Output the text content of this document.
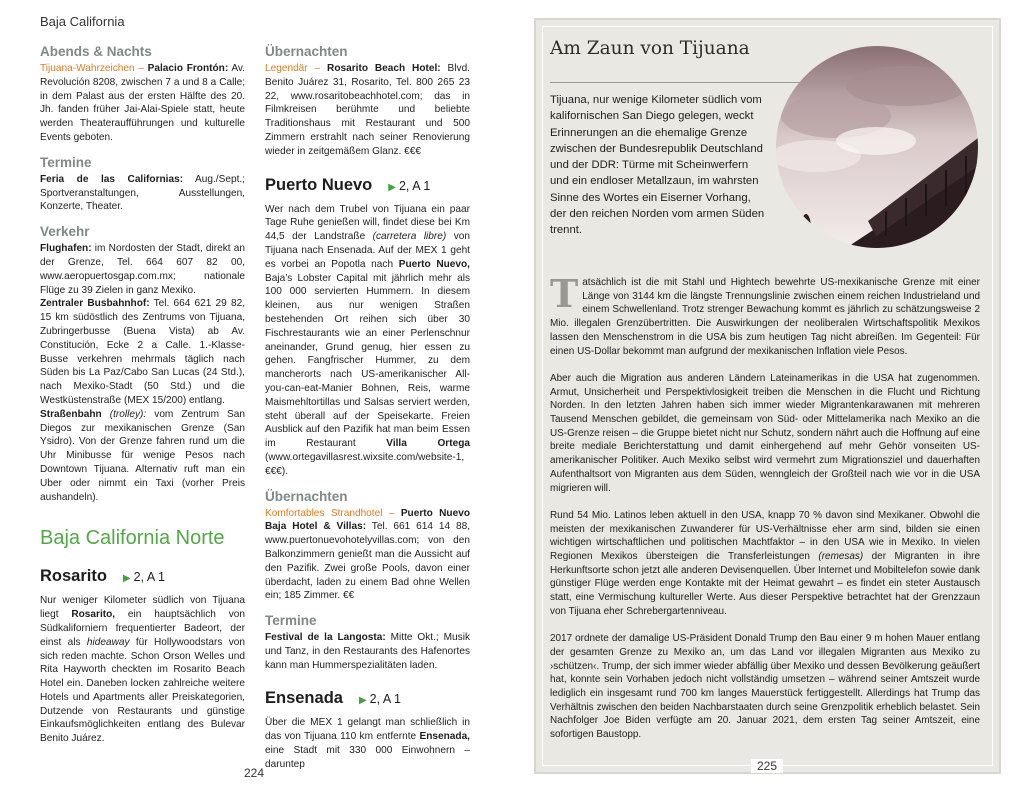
Baja California
Abends & Nachts

Tijuana-Wahrzeichen – Palacio Frontón: Av. Revolución 8208, zwischen 7 a und 8 a Calle; in dem Palast aus der ersten Hälfte des 20. Jh. fanden früher Jai-Alai-Spiele statt, heute werden Theateraufführungen und kulturelle Events geboten.

Termine

Feria de las Californias: Aug./Sept.; Sportveranstaltungen, Ausstellungen, Konzerte, Theater.

Verkehr

Flughafen: im Nordosten der Stadt, direkt an der Grenze, Tel. 664 607 82 00, www.aeropuertosgap.com.mx; nationale Flüge zu 39 Zielen in ganz Mexiko.

Zentraler Busbahnhof: Tel. 664 621 29 82, 15 km südöstlich des Zentrums von Tijuana, Zubringerbusse (Buena Vista) ab Av. Constitución, Ecke 2 a Calle. 1.-Klasse-Busse verkehren mehrmals täglich nach Süden bis La Paz/Cabo San Lucas (24 Std.), nach Mexiko-Stadt (50 Std.) und die Westküstenstraße (MEX 15/200) entlang.

Straßenbahn (trolley): vom Zentrum San Diegos zur mexikanischen Grenze (San Ysidro). Von der Grenze fahren rund um die Uhr Minibusse für wenige Pesos nach Downtown Tijuana. Alternativ ruft man ein Uber oder nimmt ein Taxi (vorher Preis aushandeln).

Baja California Norte
Rosarito ▶ 2, A 1

Nur weniger Kilometer südlich von Tijuana liegt Rosarito, ein hauptsächlich von Südkaliforniern frequentierter Badeort, der einst als hideaway für Hollywoodstars von sich reden machte. Schon Orson Welles und Rita Hayworth checkten im Rosarito Beach Hotel ein. Daneben locken zahlreiche weitere Hotels und Apartments aller Preiskategorien, Dutzende von Restaurants und günstige Einkaufsmöglichkeiten entlang des Bulevar Benito Juárez.

Übernachten

Legendär – Rosarito Beach Hotel: Blvd. Benito Juárez 31, Rosarito, Tel. 800 265 23 22, www.rosaritobeachhotel.com; das in Filmkreisen berühmte und beliebte Traditionshaus mit Restaurant und 500 Zimmern erstrahlt nach seiner Renovierung wieder in zeitgemäßem Glanz. €€€

Puerto Nuevo ▶ 2, A 1

Wer nach dem Trubel von Tijuana ein paar Tage Ruhe genießen will, findet diese bei Km 44,5 der Landstraße (carretera libre) von Tijuana nach Ensenada. Auf der MEX 1 geht es vorbei an Popotla nach Puerto Nuevo, Baja’s Lobster Capital mit jährlich mehr als 100 000 servierten Hummern. In diesem kleinen, aus nur wenigen Straßen bestehenden Ort reihen sich über 30 Fischrestaurants wie an einer Perlenschnur aneinander, Grund genug, hier essen zu gehen. Fangfrischer Hummer, zu dem mancherorts nach US-amerikanischer All-you-can-eat-Manier Bohnen, Reis, warme Maismehltortillas und Salsas serviert werden, steht überall auf der Speisekarte. Freien Ausblick auf den Pazifik hat man beim Essen im Restaurant Villa Ortega (www.ortegavillasrest.wixsite.com/website-1, €€€).

Übernachten

Komfortables Strandhotel – Puerto Nuevo Baja Hotel & Villas: Tel. 661 614 14 88, www.puertonuevohotelyvillas.com; von den Balkonzimmern genießt man die Aussicht auf den Pazifik. Zwei große Pools, davon einer überdacht, laden zu einem Bad ohne Wellen ein; 185 Zimmer. €€

Termine

Festival de la Langosta: Mitte Okt.; Musik und Tanz, in den Restaurants des Hafenortes kann man Hummerspezialitäten laden.

Ensenada ▶ 2, A 1

Über die MEX 1 gelangt man schließlich in das von Tijuana 110 km entfernte Ensenada, eine Stadt mit 330 000 Einwohnern – daruntер

224
Am Zaun von Tijuana
Tijuana, nur wenige Kilometer südlich vom kalifornischen San Diego gelegen, weckt Erinnerungen an die ehemalige Grenze zwischen der Bundesrepublik Deutschland und der DDR: Türme mit Scheinwerfern und ein endloser Metallzaun, im wahrsten Sinne des Wortes ein Eiserner Vorhang, der den reichen Norden vom armen Süden trennt.

Tatsächlich ist die mit Stahl und Hightech bewehrte US-mexikanische Grenze mit einer Länge von 3144 km die längste Trennungslinie zwischen einem reichen Industrieland und einem Schwellenland. Trotz strenger Bewachung kommt es jährlich zu schätzungsweise 2 Mio. illegalen Grenzübertritten. Die Auswirkungen der neoliberalen Wirtschaftspolitik Mexikos lassen den Menschenstrom in die USA bis zum heutigen Tag nicht abreißen. Im Gegenteil: Für einen US-Dollar bekommt man aufgrund der mexikanischen Inflation viele Pesos.

Aber auch die Migration aus anderen Ländern Lateinamerikas in die USA hat zugenommen. Armut, Unsicherheit und Perspektivlosigkeit treiben die Menschen in die Flucht und Richtung Norden. In den letzten Jahren haben sich immer wieder Migrantenkarawanen mit mehreren Tausend Menschen gebildet, die gemeinsam von Süd- oder Mittelamerika nach Mexiko an die US-Grenze reisen – die Gruppe bietet nicht nur Schutz, sondern nährt auch die Hoffnung auf eine breite mediale Berichterstattung und damit einhergehend auf mehr Gehör vonseiten US-amerikanischer Politiker. Auch Mexiko selbst wird vermehrt zum Migrationsziel und dauerhaften Aufenthaltsort von Migranten aus dem Süden, wenngleich der Großteil nach wie vor in die USA migrieren will.

Rund 54 Mio. Latinos leben aktuell in den USA, knapp 70 % davon sind Mexikaner. Obwohl die meisten der mexikanischen Zuwanderer für US-Verhältnisse eher arm sind, bilden sie einen wichtigen wirtschaftlichen und politischen Machtfaktor – in den USA wie in Mexiko. In vielen Regionen Mexikos übersteigen die Transferleistungen (remesas) der Migranten in ihre Herkunftsorte schon jetzt alle anderen Devisenquellen. Über Internet und Mobiltelefon sowie dank günstiger Flüge werden enge Kontakte mit der Heimat gewahrt – es findet ein steter Austausch statt, eine Vermischung kultureller Werte. Aus dieser Perspektive betrachtet hat der Grenzzaun von Tijuana eher Schrebergartenniveau.

2017 ordnete der damalige US-Präsident Donald Trump den Bau einer 9 m hohen Mauer entlang der gesamten Grenze zu Mexiko an, um das Land vor illegalen Migranten aus Mexiko zu ›schützen‹. Trump, der sich immer wieder abfällig über Mexiko und dessen Bevölkerung geäußert hat, konnte sein Vorhaben jedoch nicht vollständig umsetzen – während seiner Amtszeit wurde lediglich ein insgesamt rund 700 km langes Mauerstück fertiggestellt. Allerdings hat Trump das Verhältnis zwischen den beiden Nachbarstaaten durch seine Grenzpolitik erheblich belastet. Sein Nachfolger Joe Biden verfügte am 20. Januar 2021, dem ersten Tag seiner Amtszeit, eine sofortigen Baustopp.

225
